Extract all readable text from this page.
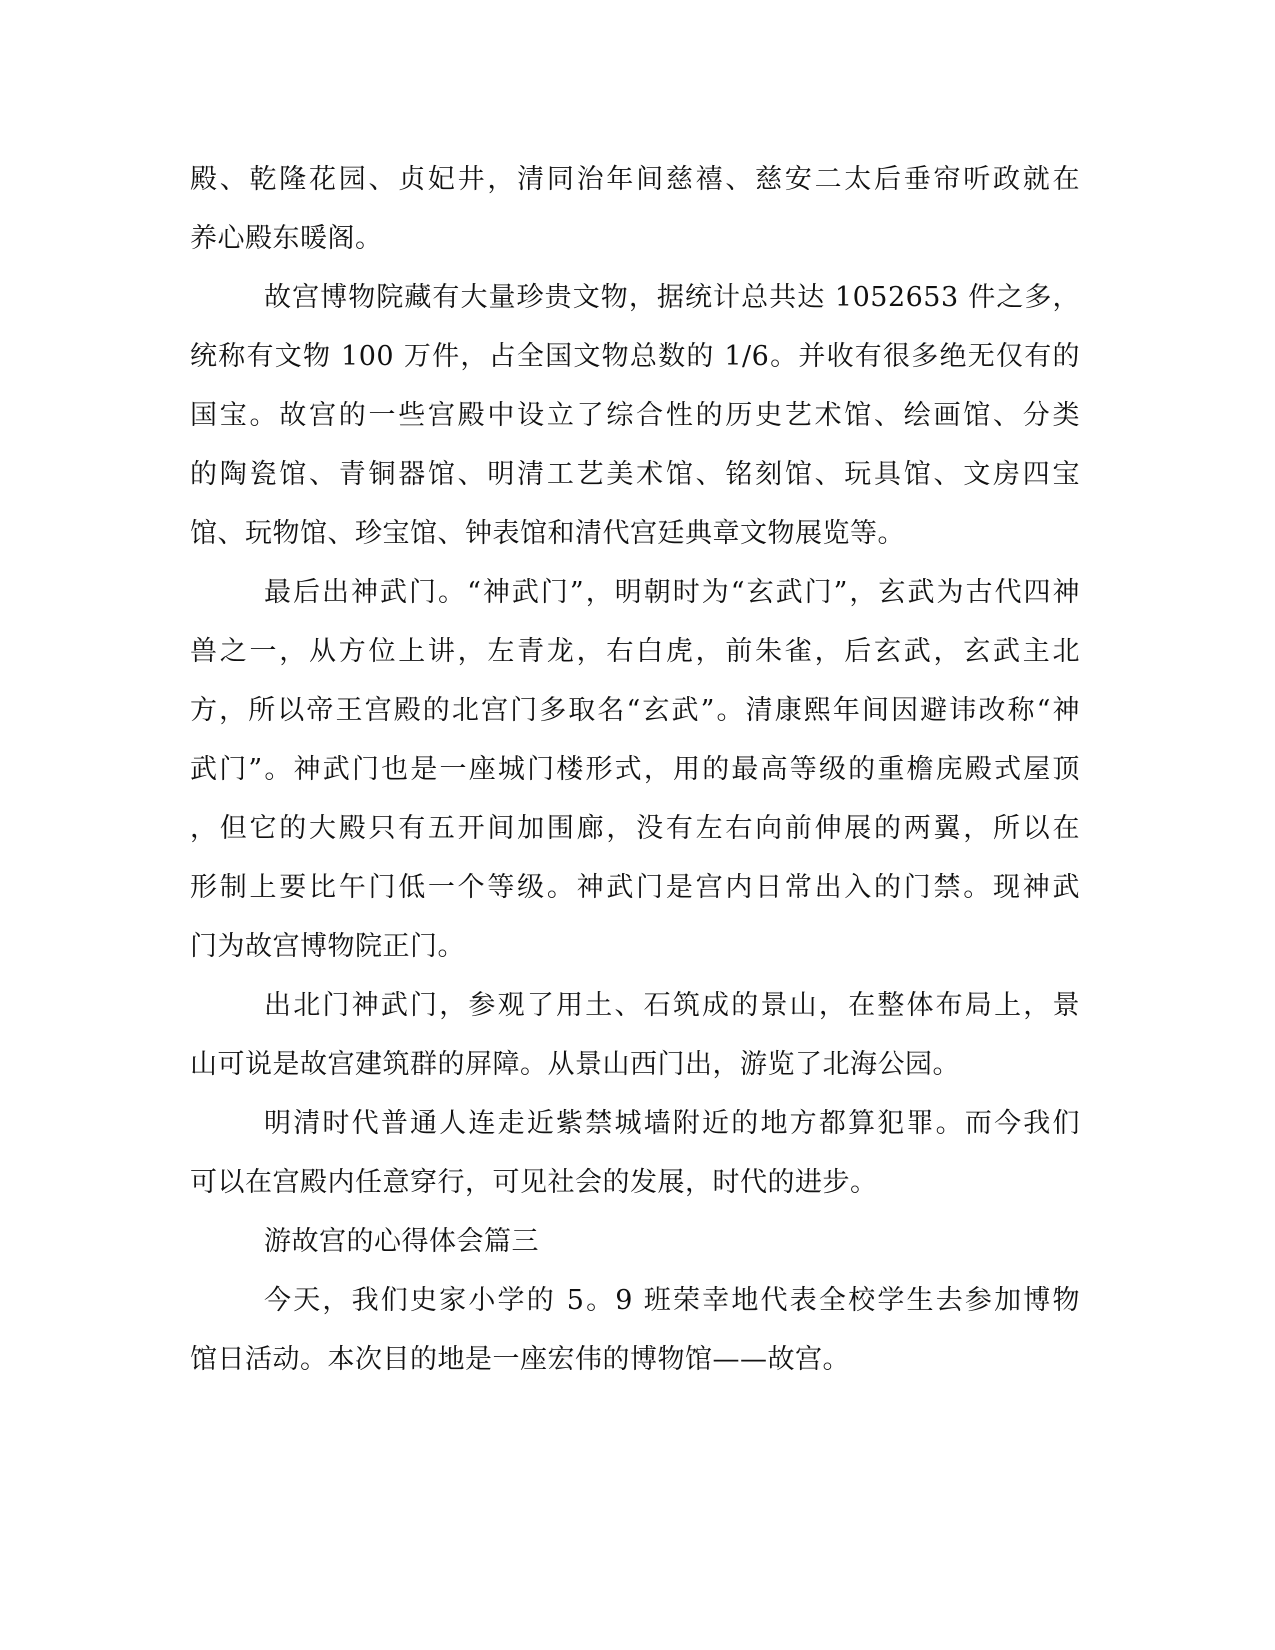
殿、乾隆花园、贞妃井，清同治年间慈禧、慈安二太后垂帘听政就在
养心殿东暖阁。
故宫博物院藏有大量珍贵文物，据统计总共达 1052653 件之多，
统称有文物 100 万件，占全国文物总数的 1/6。并收有很多绝无仅有的
国宝。故宫的一些宫殿中设立了综合性的历史艺术馆、绘画馆、分类
的陶瓷馆、青铜器馆、明清工艺美术馆、铭刻馆、玩具馆、文房四宝
馆、玩物馆、珍宝馆、钟表馆和清代宫廷典章文物展览等。
最后出神武门。“神武门”，明朝时为“玄武门”，玄武为古代四神
兽之一，从方位上讲，左青龙，右白虎，前朱雀，后玄武，玄武主北
方，所以帝王宫殿的北宫门多取名“玄武”。清康熙年间因避讳改称“神
武门”。神武门也是一座城门楼形式，用的最高等级的重檐庑殿式屋顶
，但它的大殿只有五开间加围廊，没有左右向前伸展的两翼，所以在
形制上要比午门低一个等级。神武门是宫内日常出入的门禁。现神武
门为故宫博物院正门。
出北门神武门，参观了用土、石筑成的景山，在整体布局上，景
山可说是故宫建筑群的屏障。从景山西门出，游览了北海公园。
明清时代普通人连走近紫禁城墙附近的地方都算犯罪。而今我们
可以在宫殿内任意穿行，可见社会的发展，时代的进步。
游故宫的心得体会篇三
今天，我们史家小学的 5。9 班荣幸地代表全校学生去参加博物
馆日活动。本次目的地是一座宏伟的博物馆——故宫。
